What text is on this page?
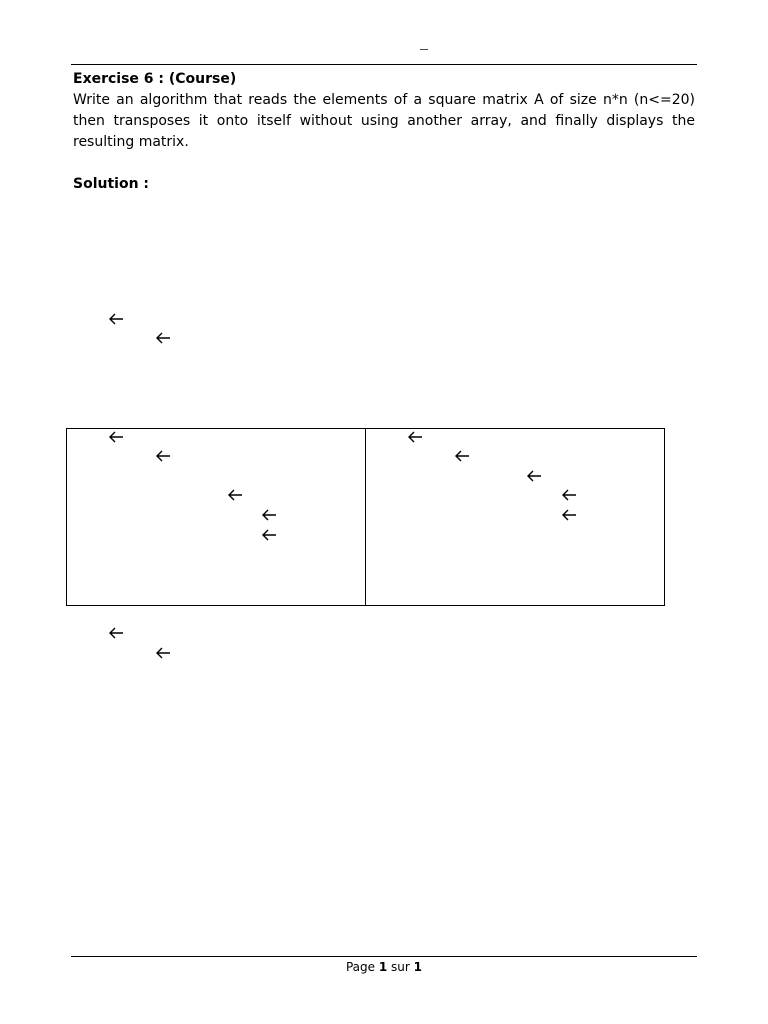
Exercise 6 : (Course)

Write an algorithm that reads the elements of a square matrix A of size n*n (n<=20) then transposes it onto itself without using another array, and finally displays the resulting matrix.

Solution :

Page 1 sur 1
